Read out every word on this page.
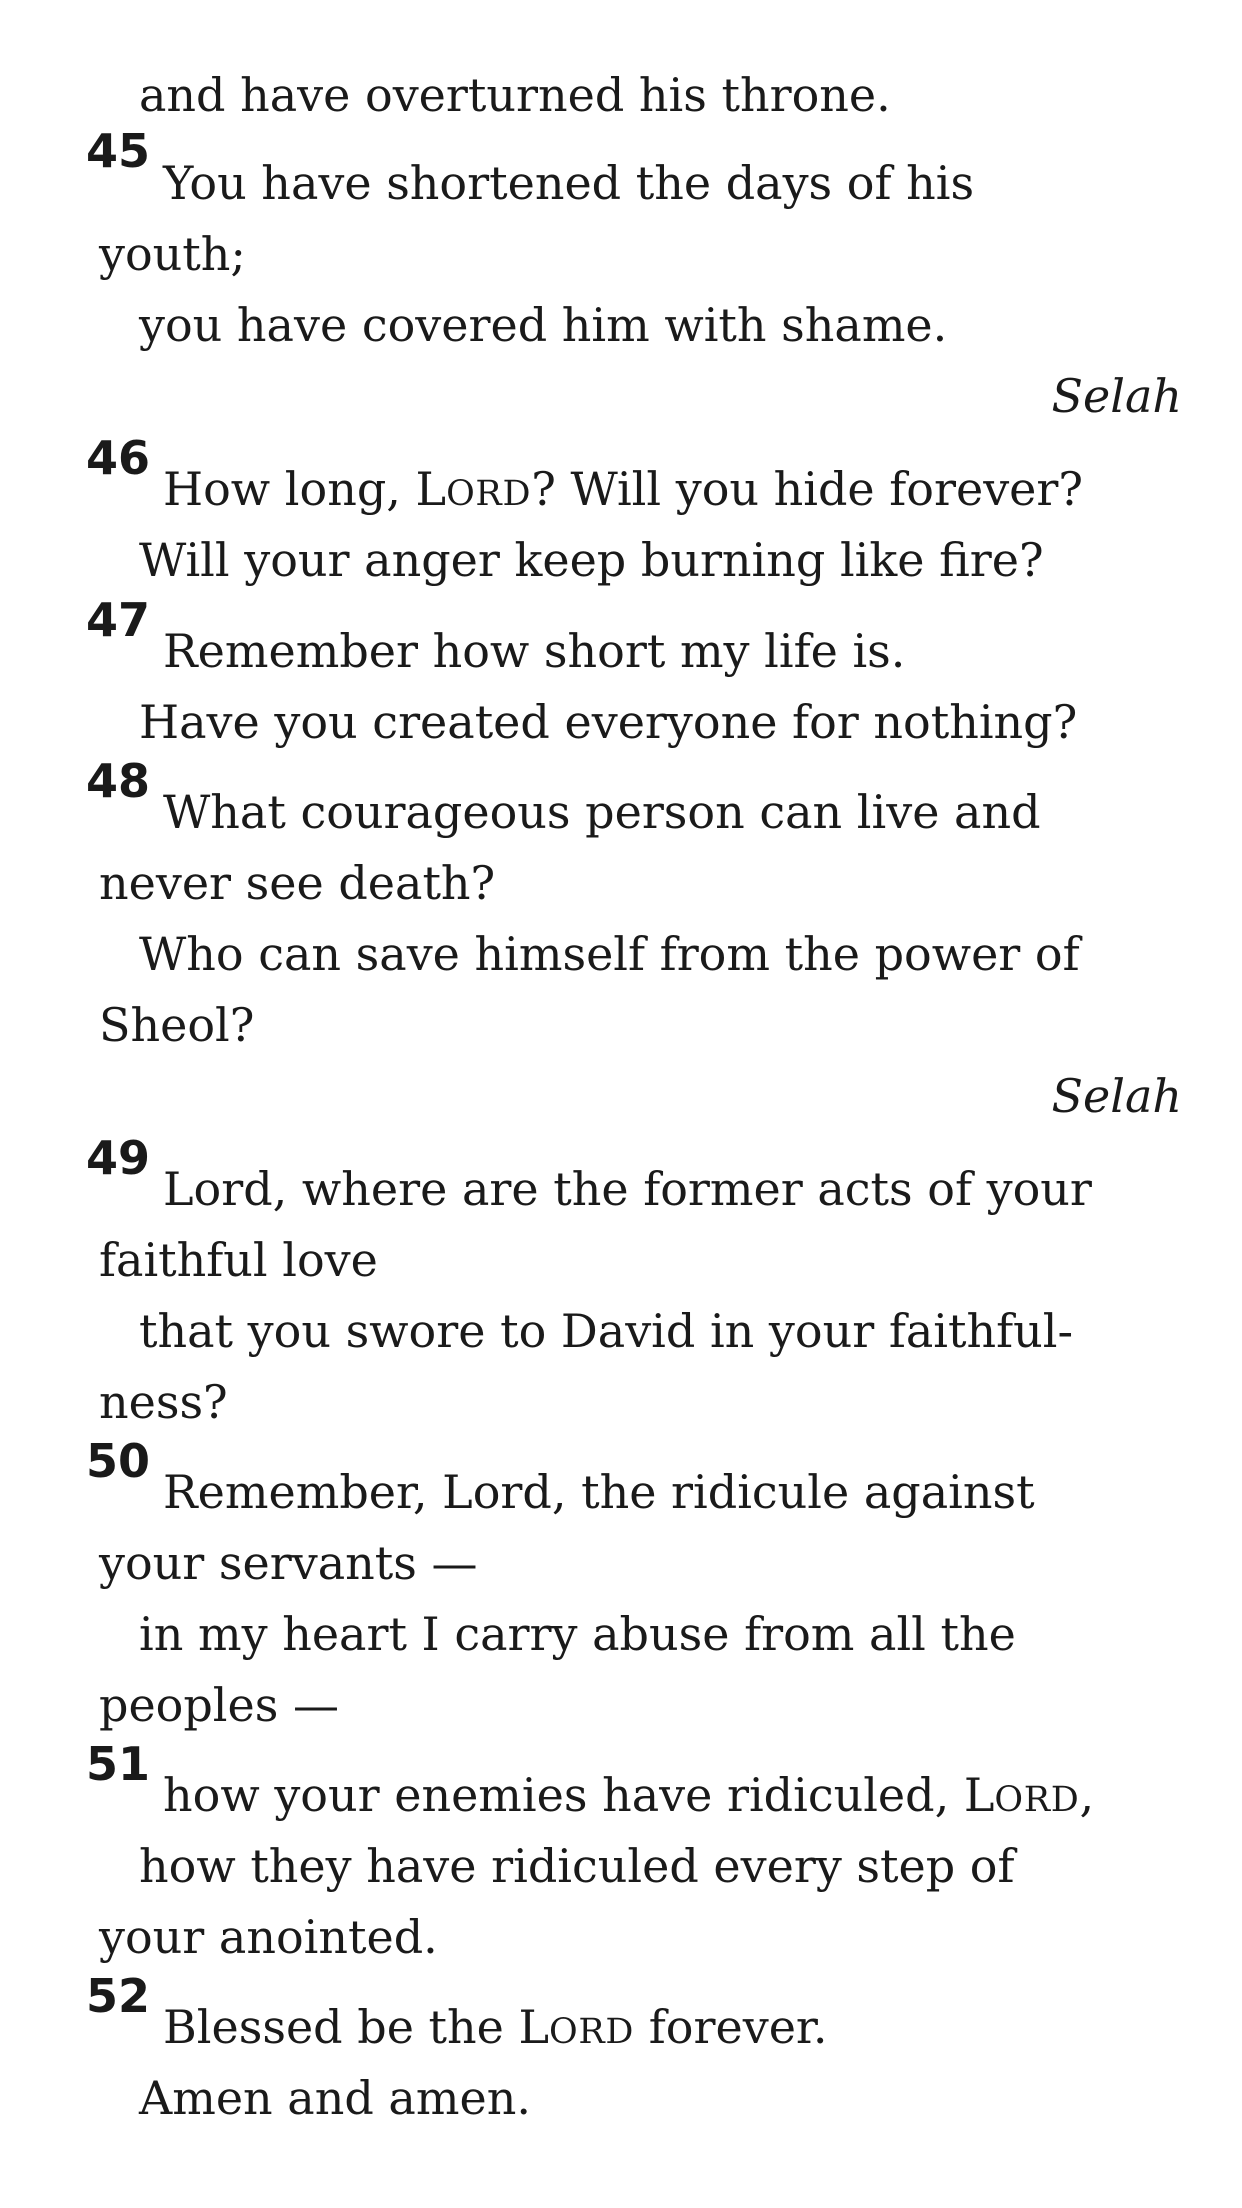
and have overturned his throne.
45
You have shortened the days of his
youth;
you have covered him with shame.
Selah
46
How long, LORD? Will you hide forever?
Will your anger keep burning like fire?
47
Remember how short my life is.
Have you created everyone for nothing?
48
What courageous person can live and
never see death?
Who can save himself from the power of
Sheol?
Selah
49
Lord, where are the former acts of your
faithful love
that you swore to David in your faithful-
ness?
50
Remember, Lord, the ridicule against
your servants —
in my heart I carry abuse from all the
peoples —
51
how your enemies have ridiculed, LORD,
how they have ridiculed every step of
your anointed.
52
Blessed be the LORD forever.
Amen and amen.
